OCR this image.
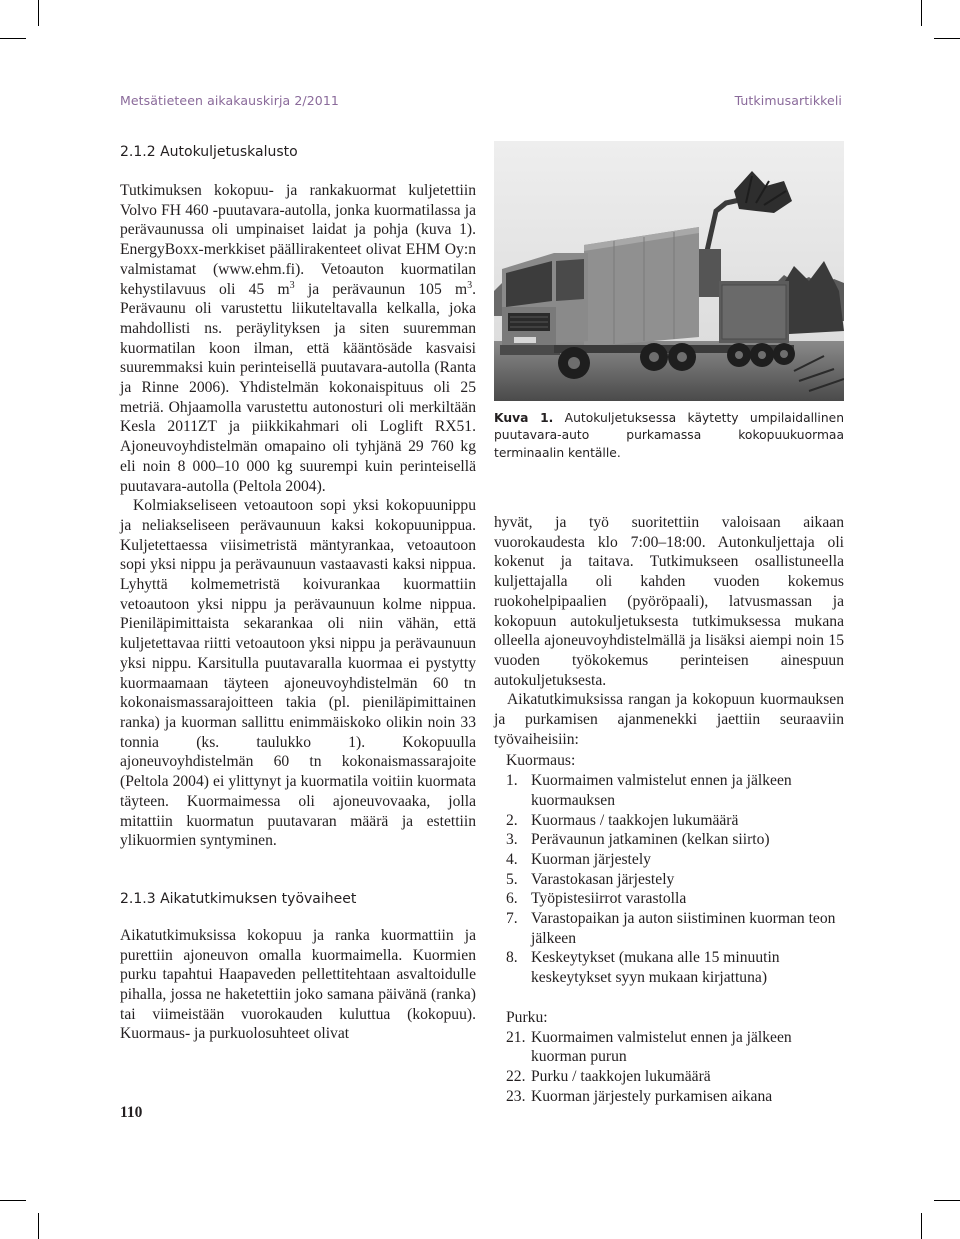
Metsätieteen aikakauskirja 2/2011	Tutkimusartikkeli
2.1.2 Autokuljetuskalusto

Tutkimuksen kokopuu- ja rankakuormat kuljetettiin Volvo FH 460 -puutavara-autolla, jonka kuormatilassa ja perävaunussa oli umpinaiset laidat ja pohja (kuva 1). EnergyBoxx-merkkiset päällirakenteet olivat EHM Oy:n valmistamat (www.ehm.fi). Vetoauton kuormatilan kehystilavuus oli 45 $m^3$ ja perävaunun 105 $m^3$. Perävaunu oli varustettu liikuteltavalla kelkalla, joka mahdollisti ns. peräylityksen ja siten suuremman kuormatilan koon ilman, että kääntösäde kasvaisi suuremmaksi kuin perinteisellä puutavara-autolla (Ranta ja Rinne 2006). Yhdistelmän kokonaispituus oli 25 metriä. Ohjaamolla varustettu autonosturi oli merkiltään Kesla 2011ZT ja piikkikahmari oli Loglift RX51. Ajoneuvoyhdistelmän omapaino oli tyhjänä 29 760 kg eli noin 8 000–10 000 kg suurempi kuin perinteisellä puutavara-autolla (Peltola 2004).

Kolmiakseliseen vetoautoon sopi yksi kokopuunippu ja neliakseliseen perävaunuun kaksi kokopuunippua. Kuljetettaessa viisimetristä mäntyrankaa, vetoautoon sopi yksi nippu ja perävaunuun vastaavasti kaksi nippua. Lyhyttä kolmemetristä koivurankaa kuormattiin vetoautoon yksi nippu ja perävaunuun kolme nippua. Pieniläpimittaista sekarankaa oli niin vähän, että kuljetettavaa riitti vetoautoon yksi nippu ja perävaunuun yksi nippu. Karsitulla puutavaralla kuormaa ei pystytty kuormaamaan täyteen ajoneuvoyhdistelmän 60 tn kokonaismassarajoitteen takia (pl. pieniläpimittainen ranka) ja kuorman sallittu enimmäiskoko olikin noin 33 tonnia (ks. taulukko 1). Kokopuulla ajoneuvoyhdistelmän 60 tn kokonaismassarajoite (Peltola 2004) ei ylittynyt ja kuormatila voitiin kuormata täyteen. Kuormaimessa oli ajoneuvovaaka, jolla mitattiin kuormatun puutavaran määrä ja estettiin ylikuormien syntyminen.

2.1.3 Aikatutkimuksen työvaiheet

Aikatutkimuksissa kokopuu ja ranka kuormattiin ja purettiin ajoneuvon omalla kuormaimella. Kuormien purku tapahtui Haapaveden pellettitehtaan asvaltoidulle pihalla, jossa ne haketettiin joko samana päivänä (ranka) tai viimeistään vuorokauden kuluttua (kokopuu). Kuormaus- ja purkuolosuhteet olivat

Kuva 1. Autokuljetuksessa käytetty umpilaidallinen puutavara-auto purkamassa kokopuukuormaa terminaalin kentälle.

hyvät, ja työ suoritettiin valoisaan aikaan vuorokaudesta klo 7:00–18:00. Autonkuljettaja oli kokenut ja taitava. Tutkimukseen osallistuneella kuljettajalla oli kahden vuoden kokemus ruokohelpipaalien (pyöröpaali), latvusmassan ja kokopuun autokuljetuksesta tutkimuksessa mukana olleella ajoneuvoyhdistelmällä ja lisäksi aiempi noin 15 vuoden työkokemus perinteisen ainespuun autokuljetuksesta.

Aikatutkimuksissa rangan ja kokopuun kuormauksen ja purkamisen ajanmenekki jaettiin seuraaviin työvaiheisiin:

Kuormaus:
1. Kuormaimen valmistelut ennen ja jälkeen kuormauksen
2. Kuormaus / taakkojen lukumäärä
3. Perävaunun jatkaminen (kelkan siirto)
4. Kuorman järjestely
5. Varastokasan järjestely
6. Työpistesiirrot varastolla
7. Varastopaikan ja auton siistiminen kuorman teon jälkeen
8. Keskeytykset (mukana alle 15 minuutin keskeytykset syyn mukaan kirjattuna)
Purku:
21. Kuormaimen valmistelut ennen ja jälkeen kuorman purun
22. Purku / taakkojen lukumäärä
23. Kuorman järjestely purkamisen aikana
110
